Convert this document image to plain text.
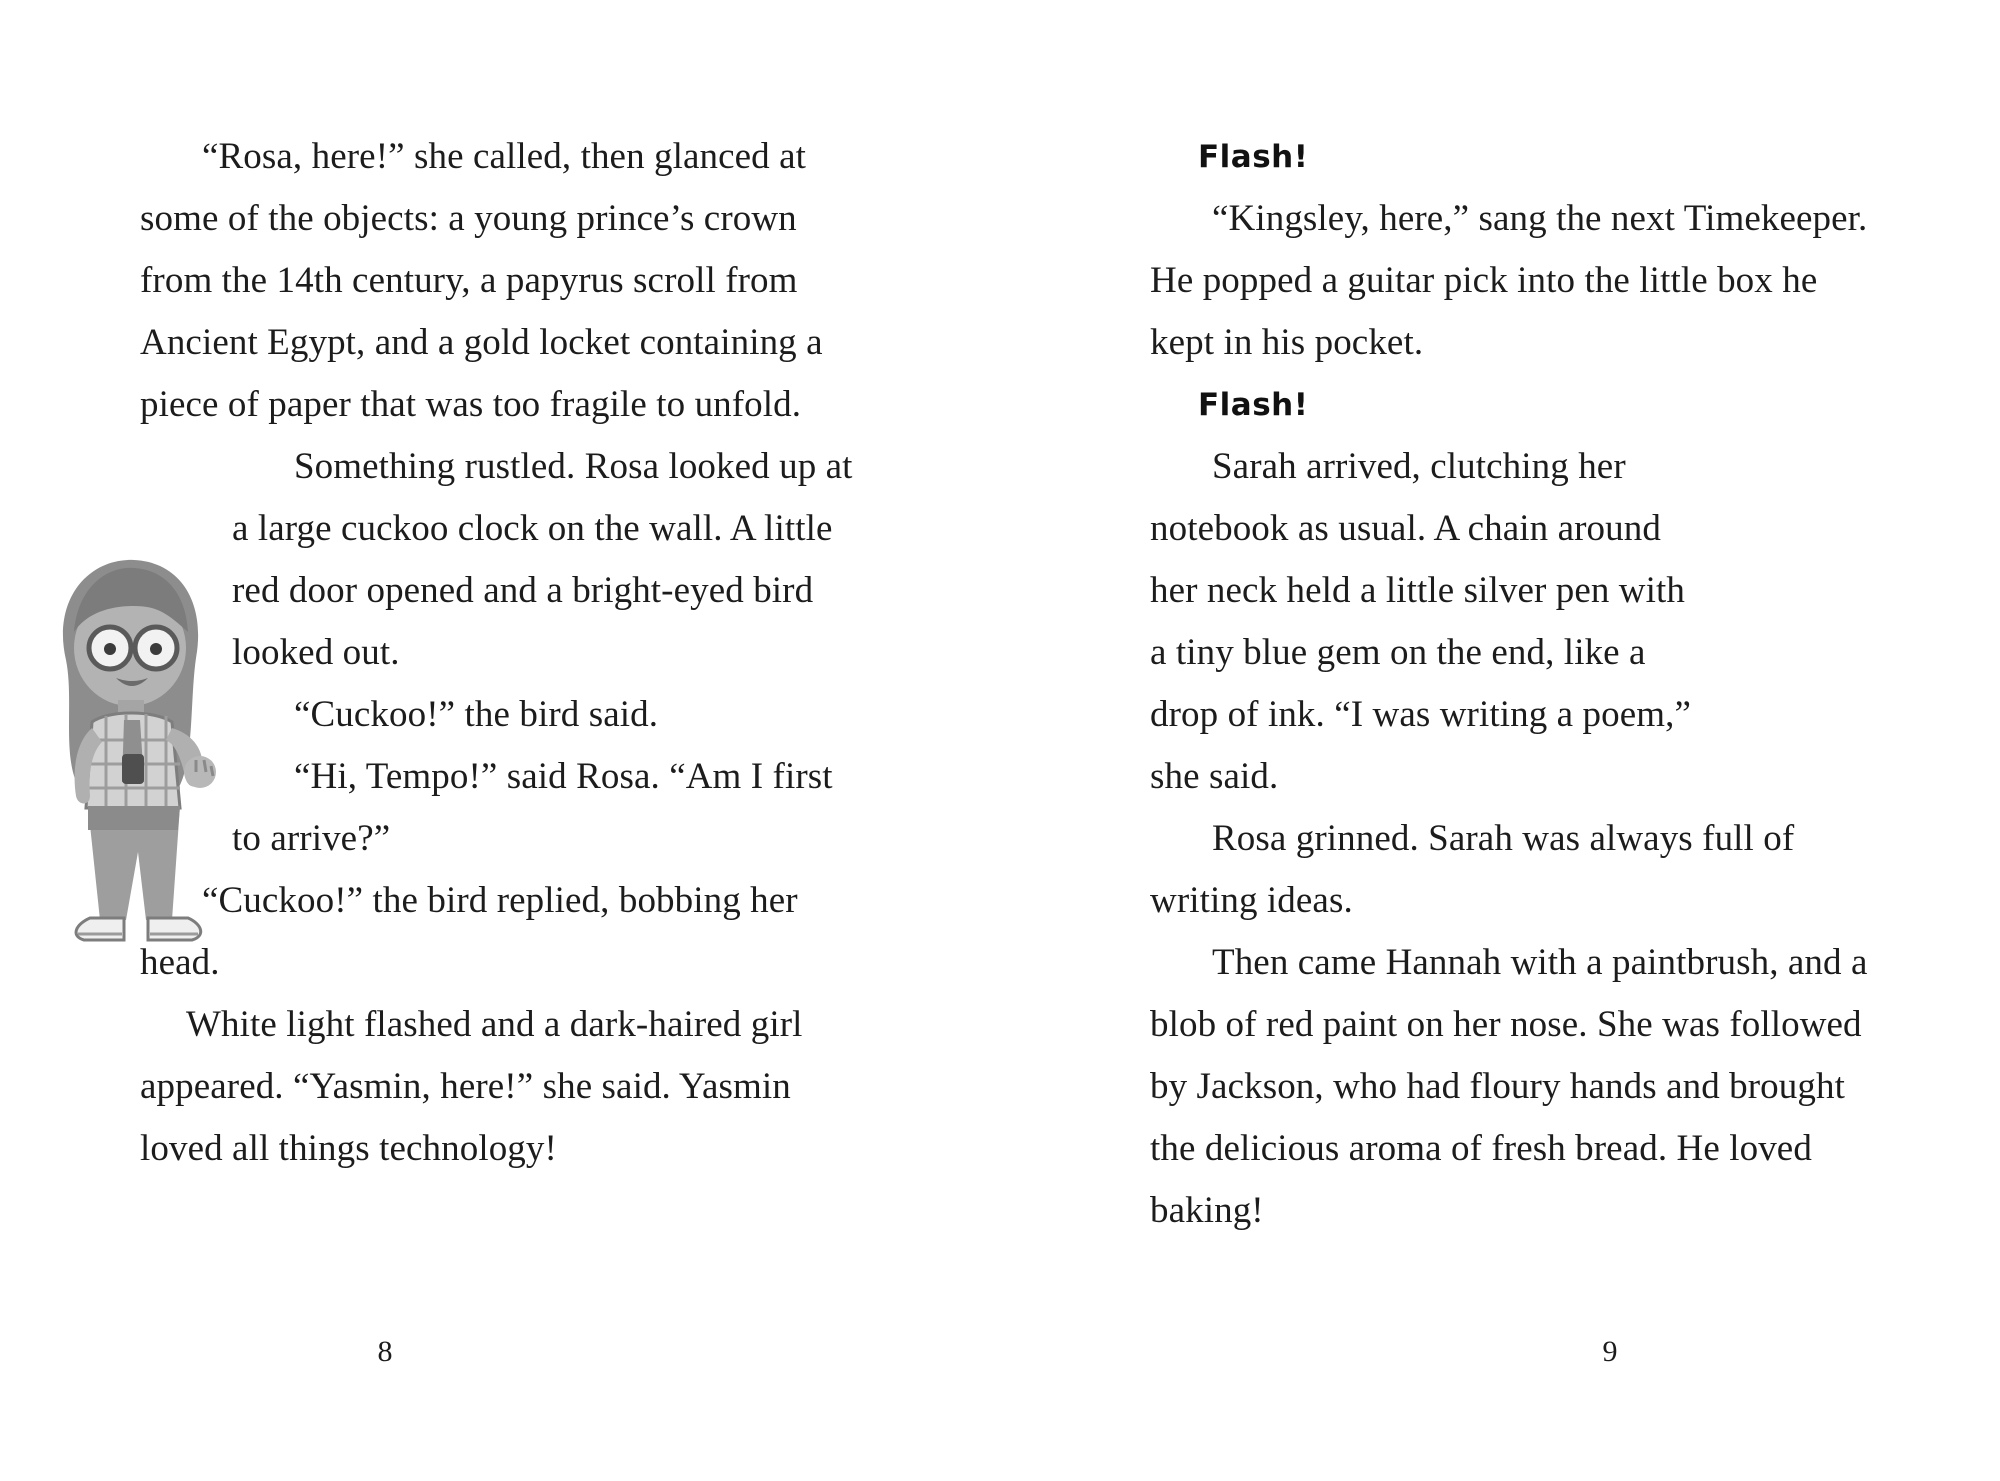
“Rosa, here!” she called, then glanced at some of the objects: a young prince’s crown from the 14th century, a papyrus scroll from Ancient Egypt, and a gold locket containing a piece of paper that was too fragile to unfold.

Something rustled. Rosa looked up at a large cuckoo clock on the wall. A little red door opened and a bright-eyed bird looked out.

“Cuckoo!” the bird said.

“Hi, Tempo!” said Rosa. “Am I first to arrive?”

“Cuckoo!” the bird replied, bobbing her head.

White light flashed and a dark-haired girl appeared. “Yasmin, here!” she said. Yasmin loved all things technology!

8

Flash!

“Kingsley, here,” sang the next Timekeeper. He popped a guitar pick into the little box he kept in his pocket.

Flash!

Sarah arrived, clutching her notebook as usual. A chain around her neck held a little silver pen with a tiny blue gem on the end, like a drop of ink. “I was writing a poem,” she said.

Rosa grinned. Sarah was always full of writing ideas.

Then came Hannah with a paintbrush, and a blob of red paint on her nose. She was followed by Jackson, who had floury hands and brought the delicious aroma of fresh bread. He loved baking!

9
